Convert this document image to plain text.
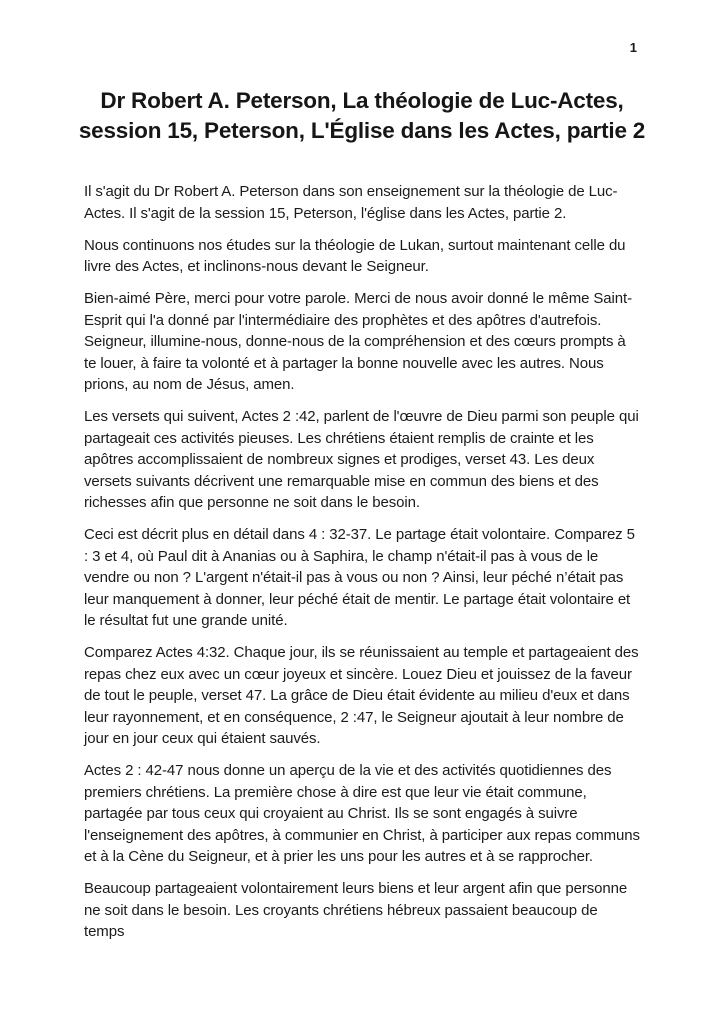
1
Dr Robert A. Peterson, La théologie de Luc-Actes,
session 15, Peterson, L'Église dans les Actes, partie 2

Il s'agit du Dr Robert A. Peterson dans son enseignement sur la théologie de Luc-Actes. Il s'agit de la session 15, Peterson, l'église dans les Actes, partie 2.

Nous continuons nos études sur la théologie de Lukan, surtout maintenant celle du livre des Actes, et inclinons-nous devant le Seigneur.

Bien-aimé Père, merci pour votre parole. Merci de nous avoir donné le même Saint-Esprit qui l'a donné par l'intermédiaire des prophètes et des apôtres d'autrefois. Seigneur, illumine-nous, donne-nous de la compréhension et des cœurs prompts à te louer, à faire ta volonté et à partager la bonne nouvelle avec les autres. Nous prions, au nom de Jésus, amen.

Les versets qui suivent, Actes 2 :42, parlent de l'œuvre de Dieu parmi son peuple qui partageait ces activités pieuses. Les chrétiens étaient remplis de crainte et les apôtres accomplissaient de nombreux signes et prodiges, verset 43. Les deux versets suivants décrivent une remarquable mise en commun des biens et des richesses afin que personne ne soit dans le besoin.

Ceci est décrit plus en détail dans 4 : 32-37. Le partage était volontaire. Comparez 5 : 3 et 4, où Paul dit à Ananias ou à Saphira, le champ n'était-il pas à vous de le vendre ou non ? L'argent n'était-il pas à vous ou non ? Ainsi, leur péché n’était pas leur manquement à donner, leur péché était de mentir. Le partage était volontaire et le résultat fut une grande unité.

Comparez Actes 4:32. Chaque jour, ils se réunissaient au temple et partageaient des repas chez eux avec un cœur joyeux et sincère. Louez Dieu et jouissez de la faveur de tout le peuple, verset 47. La grâce de Dieu était évidente au milieu d'eux et dans leur rayonnement, et en conséquence, 2 :47, le Seigneur ajoutait à leur nombre de jour en jour ceux qui étaient sauvés.

Actes 2 : 42-47 nous donne un aperçu de la vie et des activités quotidiennes des premiers chrétiens. La première chose à dire est que leur vie était commune, partagée par tous ceux qui croyaient au Christ. Ils se sont engagés à suivre l'enseignement des apôtres, à communier en Christ, à participer aux repas communs et à la Cène du Seigneur, et à prier les uns pour les autres et à se rapprocher.

Beaucoup partageaient volontairement leurs biens et leur argent afin que personne ne soit dans le besoin. Les croyants chrétiens hébreux passaient beaucoup de temps
